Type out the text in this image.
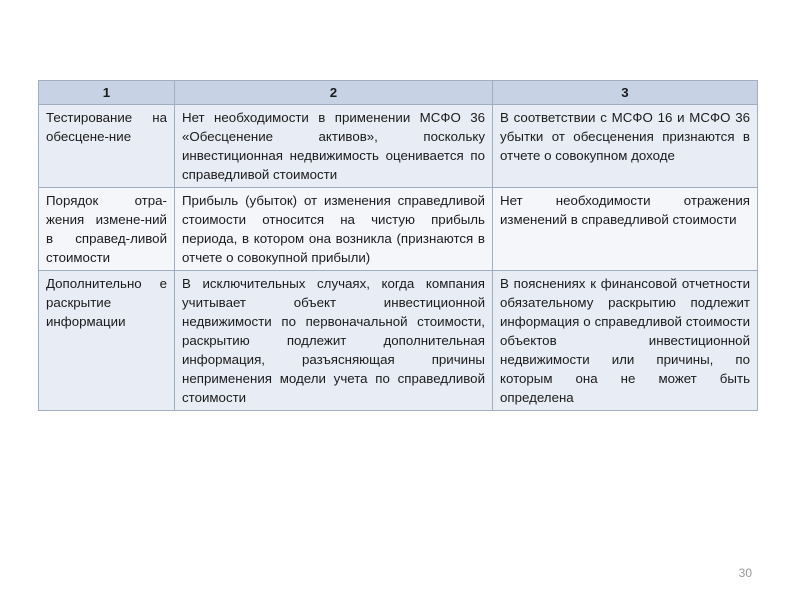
1	2	3
Тестирование на обесцене-ние	Нет необходимости в применении МСФО 36 «Обесценение активов», поскольку инвестиционная недвижимость оценивается по справедливой стоимости	В соответствии с МСФО 16 и МСФО 36 убытки от обесценения признаются в отчете о совокупном доходе
Порядок отра-жения измене-ний в справед-ливой стоимости	Прибыль (убыток) от изменения справедливой стоимости относится на чистую прибыль периода, в котором она возникла (признаются в отчете о совокупной прибыли)	Нет необходимости отражения изменений в справедливой стоимости
Дополнительно е раскрытие информации	В исключительных случаях, когда компания учитывает объект инвестиционной недвижимости по первоначальной стоимости, раскрытию подлежит дополнительная информация, разъясняющая причины неприменения модели учета по справедливой стоимости	В пояснениях к финансовой отчетности обязательному раскрытию подлежит информация о справедливой стоимости объектов инвестиционной недвижимости или причины, по которым она не может быть определена
30
